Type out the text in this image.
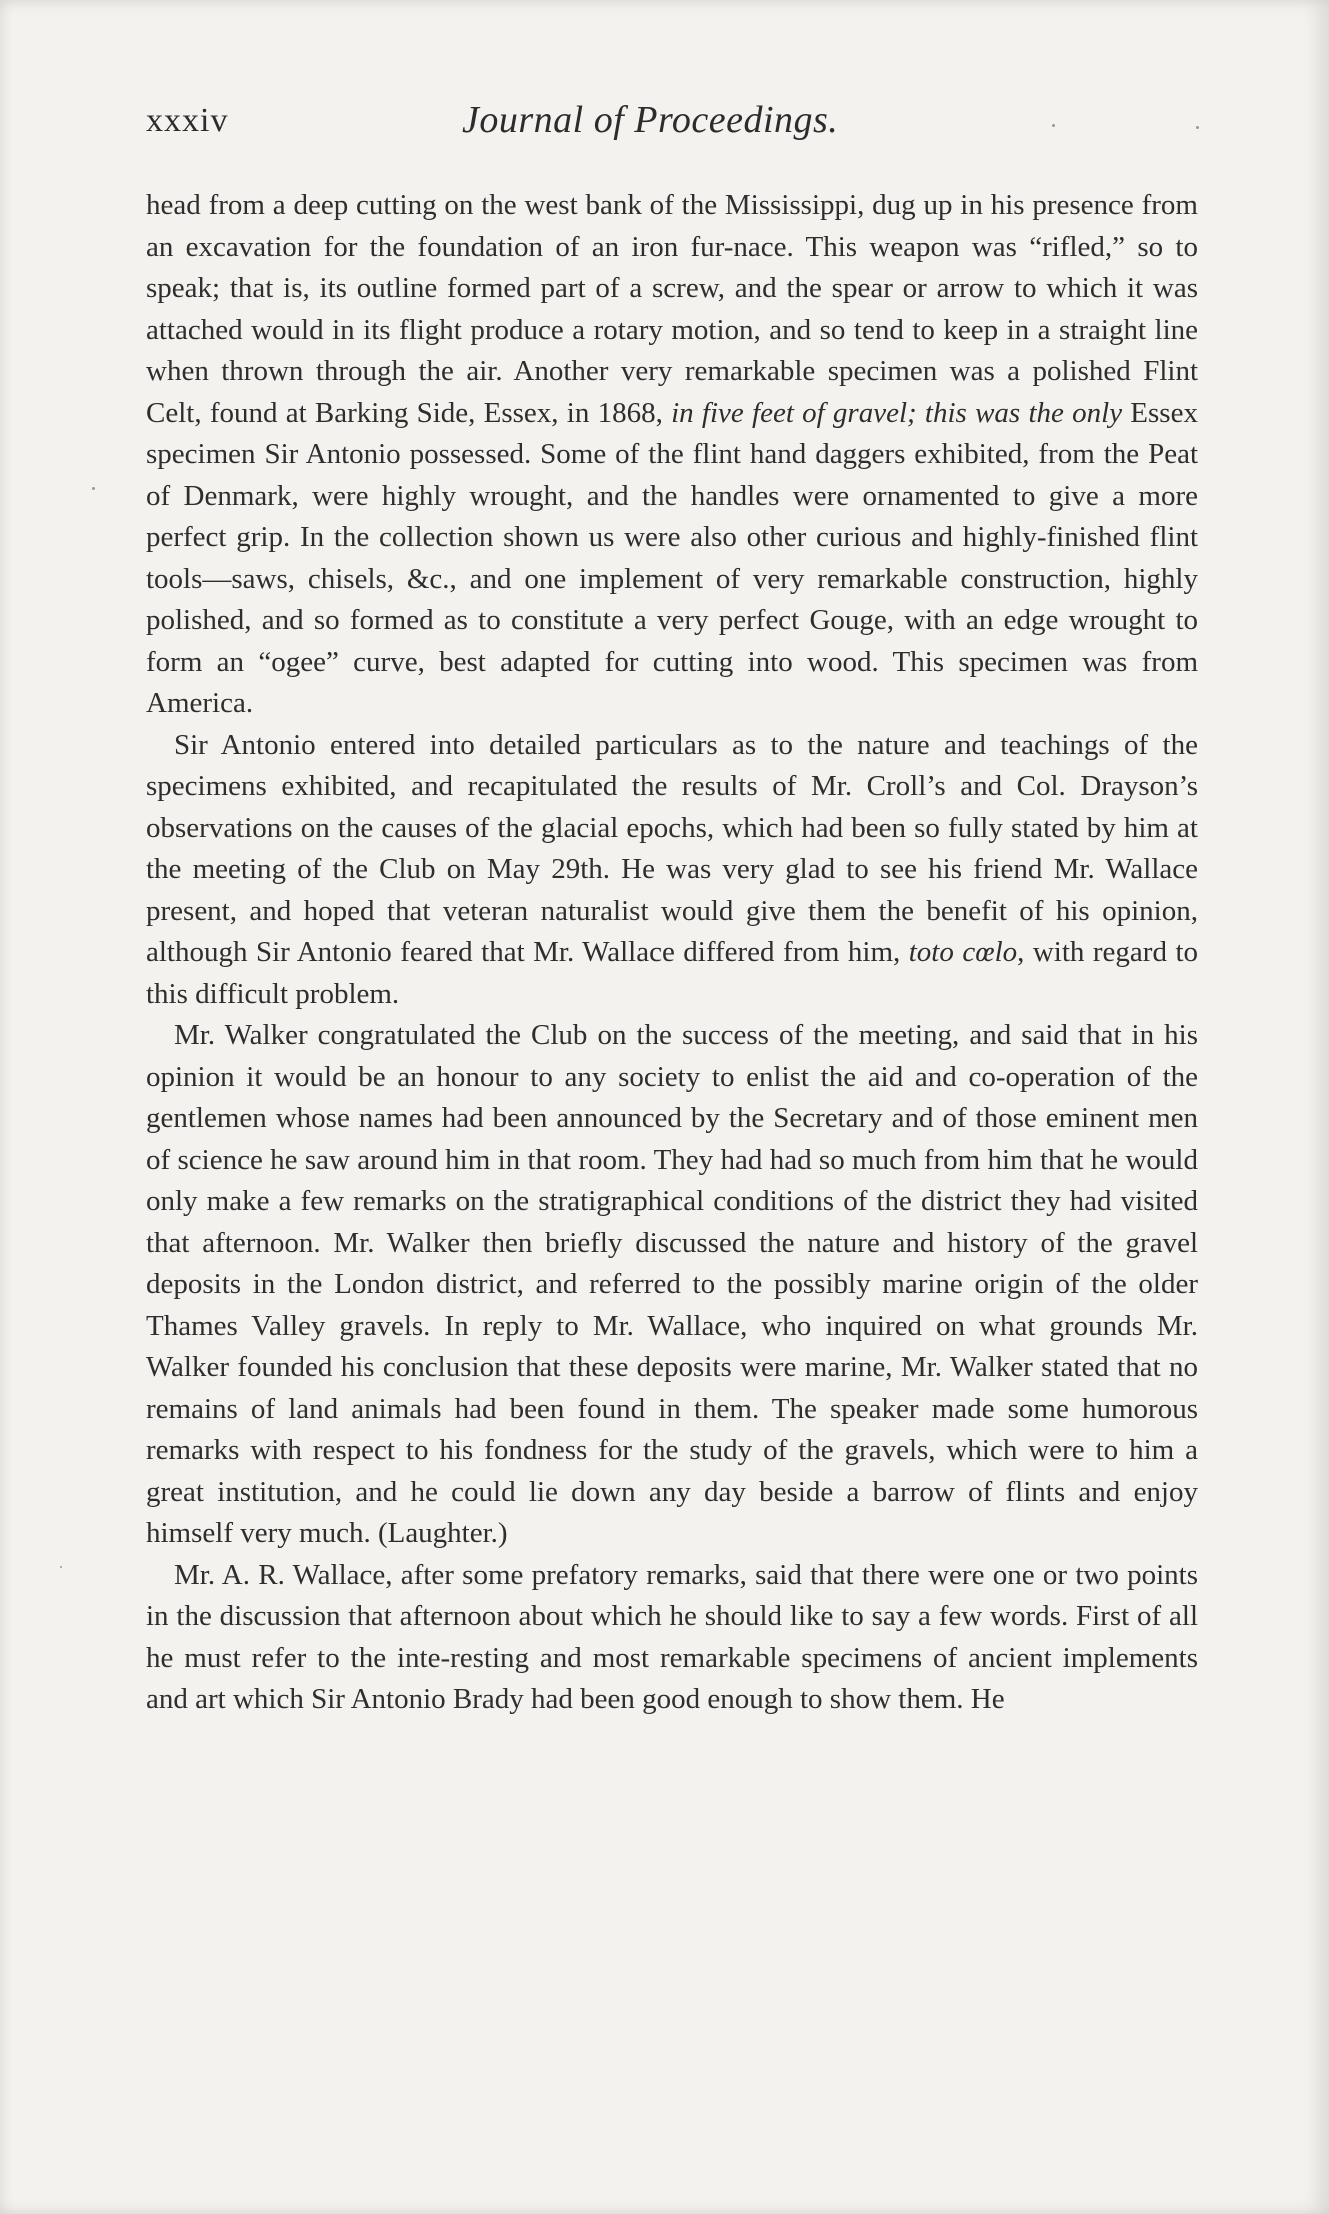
xxxiv	Journal of Proceedings.

head from a deep cutting on the west bank of the Mississippi, dug up in his presence from an excavation for the foundation of an iron fur-nace. This weapon was “rifled,” so to speak; that is, its outline formed part of a screw, and the spear or arrow to which it was attached would in its flight produce a rotary motion, and so tend to keep in a straight line when thrown through the air. Another very remarkable specimen was a polished Flint Celt, found at Barking Side, Essex, in 1868, in five feet of gravel; this was the only Essex specimen Sir Antonio possessed. Some of the flint hand daggers exhibited, from the Peat of Denmark, were highly wrought, and the handles were ornamented to give a more perfect grip. In the collection shown us were also other curious and highly-finished flint tools—saws, chisels, &c., and one implement of very remarkable construction, highly polished, and so formed as to constitute a very perfect Gouge, with an edge wrought to form an “ogee” curve, best adapted for cutting into wood. This specimen was from America.

Sir Antonio entered into detailed particulars as to the nature and teachings of the specimens exhibited, and recapitulated the results of Mr. Croll’s and Col. Drayson’s observations on the causes of the glacial epochs, which had been so fully stated by him at the meeting of the Club on May 29th. He was very glad to see his friend Mr. Wallace present, and hoped that veteran naturalist would give them the benefit of his opinion, although Sir Antonio feared that Mr. Wallace differed from him, toto cœlo, with regard to this difficult problem.

Mr. Walker congratulated the Club on the success of the meeting, and said that in his opinion it would be an honour to any society to enlist the aid and co-operation of the gentlemen whose names had been announced by the Secretary and of those eminent men of science he saw around him in that room. They had had so much from him that he would only make a few remarks on the stratigraphical conditions of the district they had visited that afternoon. Mr. Walker then briefly discussed the nature and history of the gravel deposits in the London district, and referred to the possibly marine origin of the older Thames Valley gravels. In reply to Mr. Wallace, who inquired on what grounds Mr. Walker founded his conclusion that these deposits were marine, Mr. Walker stated that no remains of land animals had been found in them. The speaker made some humorous remarks with respect to his fondness for the study of the gravels, which were to him a great institution, and he could lie down any day beside a barrow of flints and enjoy himself very much. (Laughter.)

Mr. A. R. Wallace, after some prefatory remarks, said that there were one or two points in the discussion that afternoon about which he should like to say a few words. First of all he must refer to the inte-resting and most remarkable specimens of ancient implements and art which Sir Antonio Brady had been good enough to show them. He
